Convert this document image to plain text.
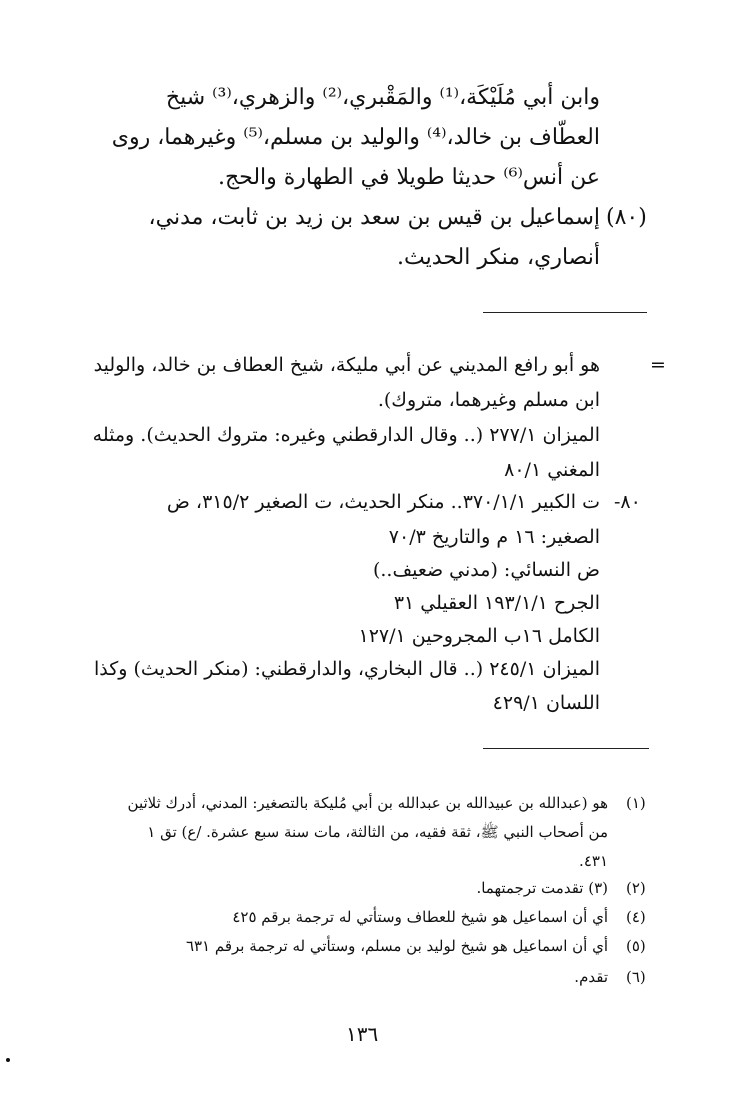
وابن أبي مُلَيْكَة،⁽¹⁾ والمَقْبري،⁽²⁾ والزهري،⁽³⁾ شيخ
العطّاف بن خالد،⁽⁴⁾ والوليد بن مسلم،⁽⁵⁾ وغيرهما، روى
عن أنس⁽⁶⁾ حديثا طويلا في الطهارة والحج.
(٨٠)
إسماعيل بن قيس بن سعد بن زيد بن ثابت، مدني،
أنصاري، منكر الحديث.
=
هو أبو رافع المديني عن أبي مليكة، شيخ العطاف بن خالد، والوليد
ابن مسلم وغيرهما، متروك).
الميزان ٢٧٧/١ (.. وقال الدارقطني وغيره: متروك الحديث). ومثله
المغني ٨٠/١
-٨٠
ت الكبير ٣٧٠/١/١.. منكر الحديث، ت الصغير ٣١٥/٢، ض
الصغير: ١٦ م والتاريخ ٧٠/٣
ض النسائي: (مدني ضعيف..)
الجرح ١٩٣/١/١ العقيلي ٣١
الكامل ١٦ب المجروحين ١٢٧/١
الميزان ٢٤٥/١ (.. قال البخاري، والدارقطني: (منكر الحديث) وكذا
اللسان ٤٢٩/١
(١)
هو (عبدالله بن عبيدالله بن عبدالله بن أبي مُليكة بالتصغير: المدني، أدرك ثلاثين
من أصحاب النبي ﷺ، ثقة فقيه، من الثالثة، مات سنة سبع عشرة. /ع) تق ١
.٤٣١
(٢)
(٣) تقدمت ترجمتهما.
(٤)
أي أن اسماعيل هو شيخ للعطاف وستأتي له ترجمة برقم ٤٢٥
(٥)
أي أن اسماعيل هو شيخ لوليد بن مسلم، وستأتي له ترجمة برقم ٦٣١
(٦)
تقدم.
١٣٦
